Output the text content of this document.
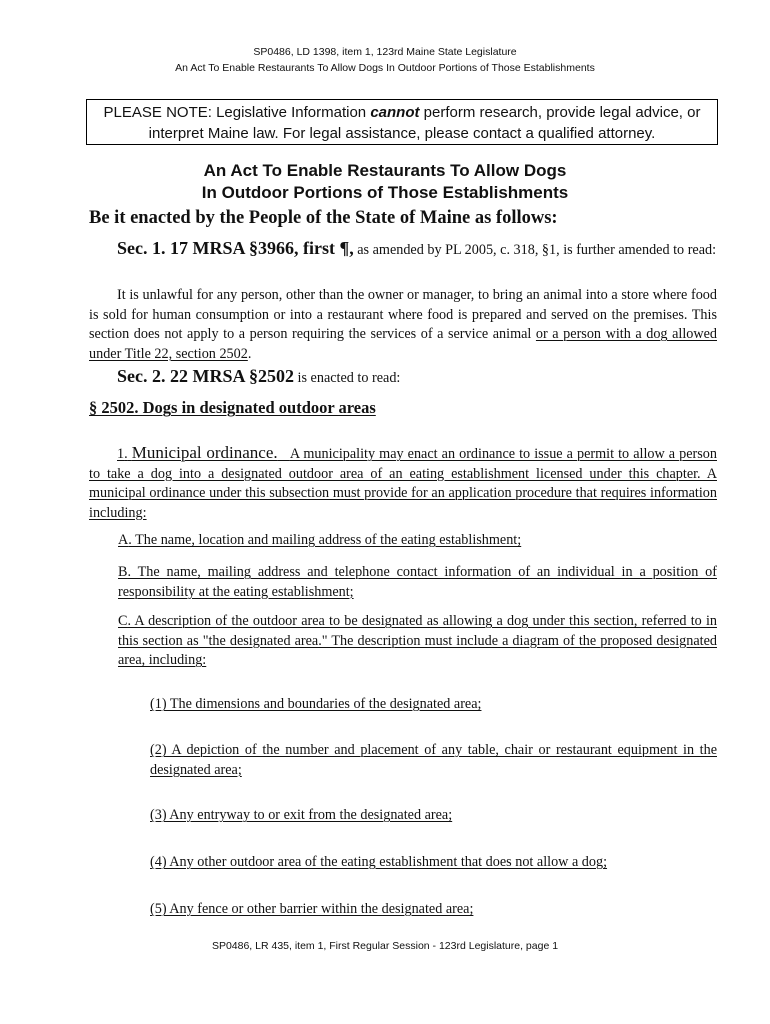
SP0486, LD 1398, item 1, 123rd Maine State Legislature
An Act To Enable Restaurants To Allow Dogs In Outdoor Portions of Those Establishments
PLEASE NOTE: Legislative Information cannot perform research, provide legal advice, or interpret Maine law. For legal assistance, please contact a qualified attorney.
An Act To Enable Restaurants To Allow Dogs
In Outdoor Portions of Those Establishments
Be it enacted by the People of the State of Maine as follows:
Sec. 1. 17 MRSA §3966, first ¶, as amended by PL 2005, c. 318, §1, is further amended to read:
It is unlawful for any person, other than the owner or manager, to bring an animal into a store where food is sold for human consumption or into a restaurant where food is prepared and served on the premises. This section does not apply to a person requiring the services of a service animal or a person with a dog allowed under Title 22, section 2502.
Sec. 2. 22 MRSA §2502 is enacted to read:
§ 2502. Dogs in designated outdoor areas
1. Municipal ordinance. A municipality may enact an ordinance to issue a permit to allow a person to take a dog into a designated outdoor area of an eating establishment licensed under this chapter. A municipal ordinance under this subsection must provide for an application procedure that requires information including:
A. The name, location and mailing address of the eating establishment;
B. The name, mailing address and telephone contact information of an individual in a position of responsibility at the eating establishment;
C. A description of the outdoor area to be designated as allowing a dog under this section, referred to in this section as "the designated area." The description must include a diagram of the proposed designated area, including:
(1) The dimensions and boundaries of the designated area;
(2) A depiction of the number and placement of any table, chair or restaurant equipment in the designated area;
(3) Any entryway to or exit from the designated area;
(4) Any other outdoor area of the eating establishment that does not allow a dog;
(5) Any fence or other barrier within the designated area;
SP0486, LR 435, item 1, First Regular Session - 123rd Legislature, page 1
